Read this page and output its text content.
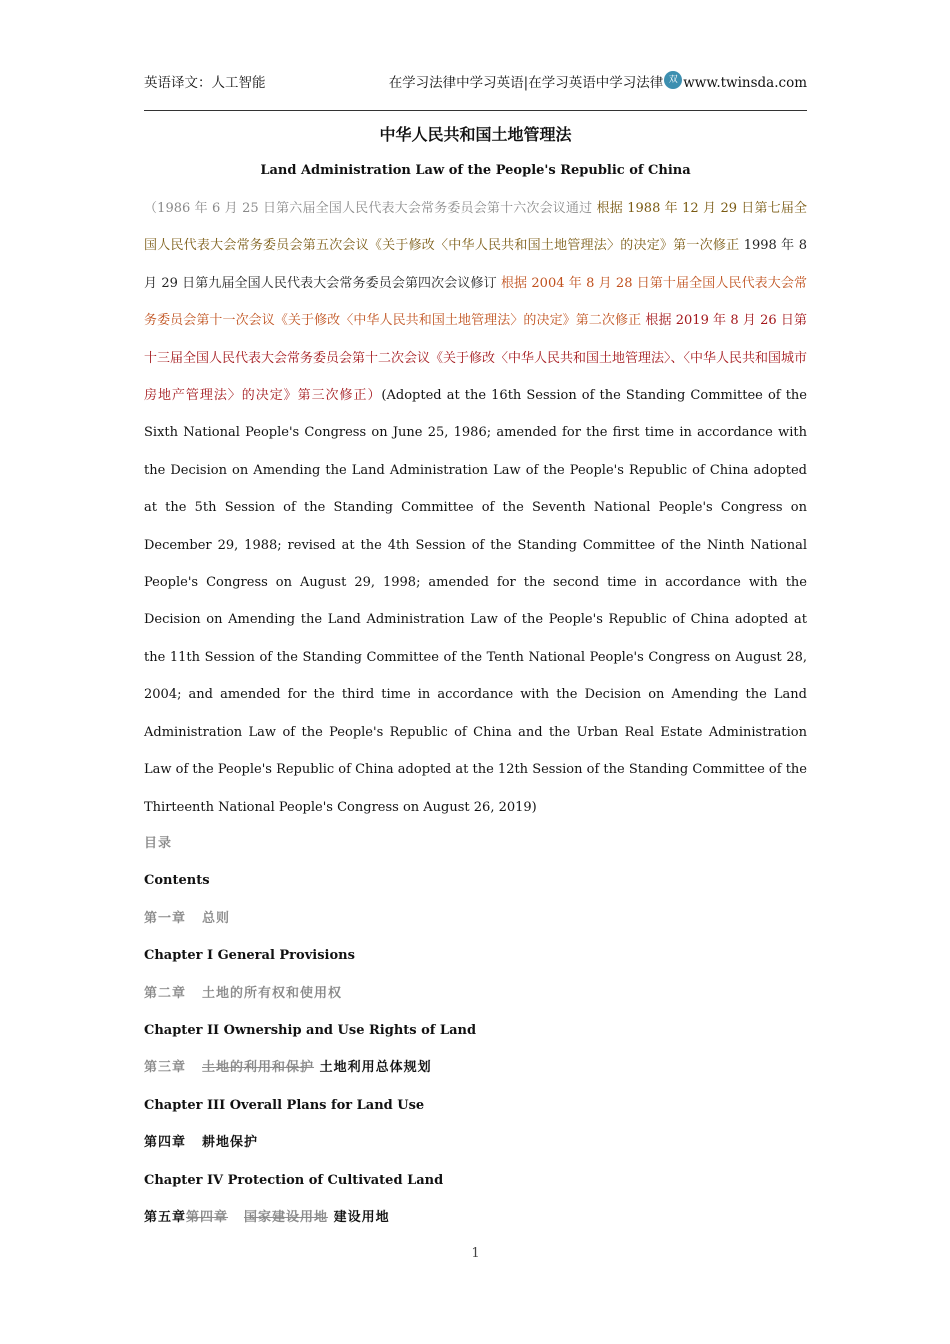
英语译文：人工智能	在学习法律中学习英语|在学习英语中学习法律 双 www.twinsda.com
中华人民共和国土地管理法
Land Administration Law of the People's Republic of China
（1986 年 6 月 25 日第六届全国人民代表大会常务委员会第十六次会议通过 根据 1988 年 12 月 29 日第七届全国人民代表大会常务委员会第五次会议《关于修改〈中华人民共和国土地管理法〉的决定》第一次修正 1998 年 8 月 29 日第九届全国人民代表大会常务委员会第四次会议修订 根据 2004 年 8 月 28 日第十届全国人民代表大会常务委员会第十一次会议《关于修改〈中华人民共和国土地管理法〉的决定》第二次修正 根据 2019 年 8 月 26 日第十三届全国人民代表大会常务委员会第十二次会议《关于修改〈中华人民共和国土地管理法〉、〈中华人民共和国城市房地产管理法〉的决定》第三次修正）(Adopted at the 16th Session of the Standing Committee of the Sixth National People's Congress on June 25, 1986; amended for the first time in accordance with the Decision on Amending the Land Administration Law of the People's Republic of China adopted at the 5th Session of the Standing Committee of the Seventh National People's Congress on December 29, 1988; revised at the 4th Session of the Standing Committee of the Ninth National People's Congress on August 29, 1998; amended for the second time in accordance with the Decision on Amending the Land Administration Law of the People's Republic of China adopted at the 11th Session of the Standing Committee of the Tenth National People's Congress on August 28, 2004; and amended for the third time in accordance with the Decision on Amending the Land Administration Law of the People's Republic of China and the Urban Real Estate Administration Law of the People's Republic of China adopted at the 12th Session of the Standing Committee of the Thirteenth National People's Congress on August 26, 2019)
目录
Contents
第一章 总则
Chapter I General Provisions
第二章 土地的所有权和使用权
Chapter II Ownership and Use Rights of Land
第三章 土地的利用和保护 土地利用总体规划
Chapter III Overall Plans for Land Use
第四章 耕地保护
Chapter IV Protection of Cultivated Land
第五章第四章 国家建设用地 建设用地
1
